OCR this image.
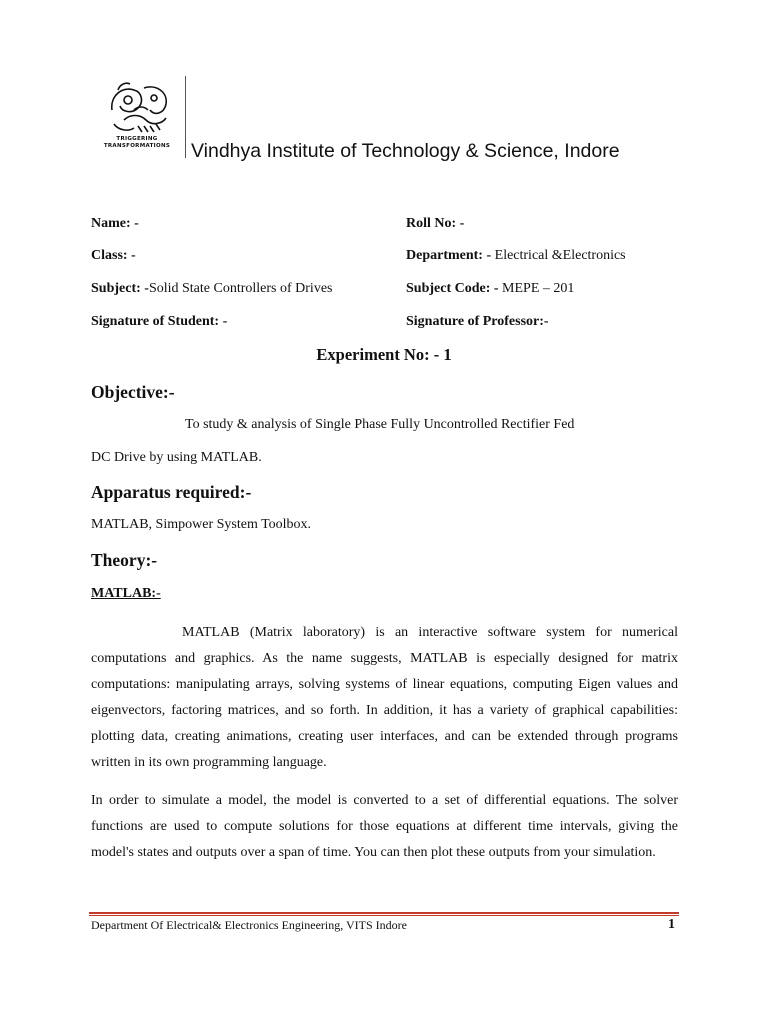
TRIGGERING
TRANSFORMATIONS	Vindhya Institute of Technology & Science, Indore
Name: -	Roll No: -
Class: -	Department: - Electrical &Electronics
Subject: -Solid State Controllers of Drives	Subject Code: - MEPE – 201
Signature of Student: -	Signature of Professor:-
Experiment No: - 1
Objective:-
To study & analysis of Single Phase Fully Uncontrolled Rectifier Fed
DC Drive by using MATLAB.
Apparatus required:-
MATLAB, Simpower System Toolbox.
Theory:-
MATLAB:-
MATLAB (Matrix laboratory) is an interactive software system for numerical computations and graphics. As the name suggests, MATLAB is especially designed for matrix computations: manipulating arrays, solving systems of linear equations, computing Eigen values and eigenvectors, factoring matrices, and so forth. In addition, it has a variety of graphical capabilities: plotting data, creating animations, creating user interfaces, and can be extended through programs written in its own programming language.
In order to simulate a model, the model is converted to a set of differential equations. The solver functions are used to compute solutions for those equations at different time intervals, giving the model's states and outputs over a span of time. You can then plot these outputs from your simulation.
Department Of Electrical& Electronics Engineering, VITS Indore	1
